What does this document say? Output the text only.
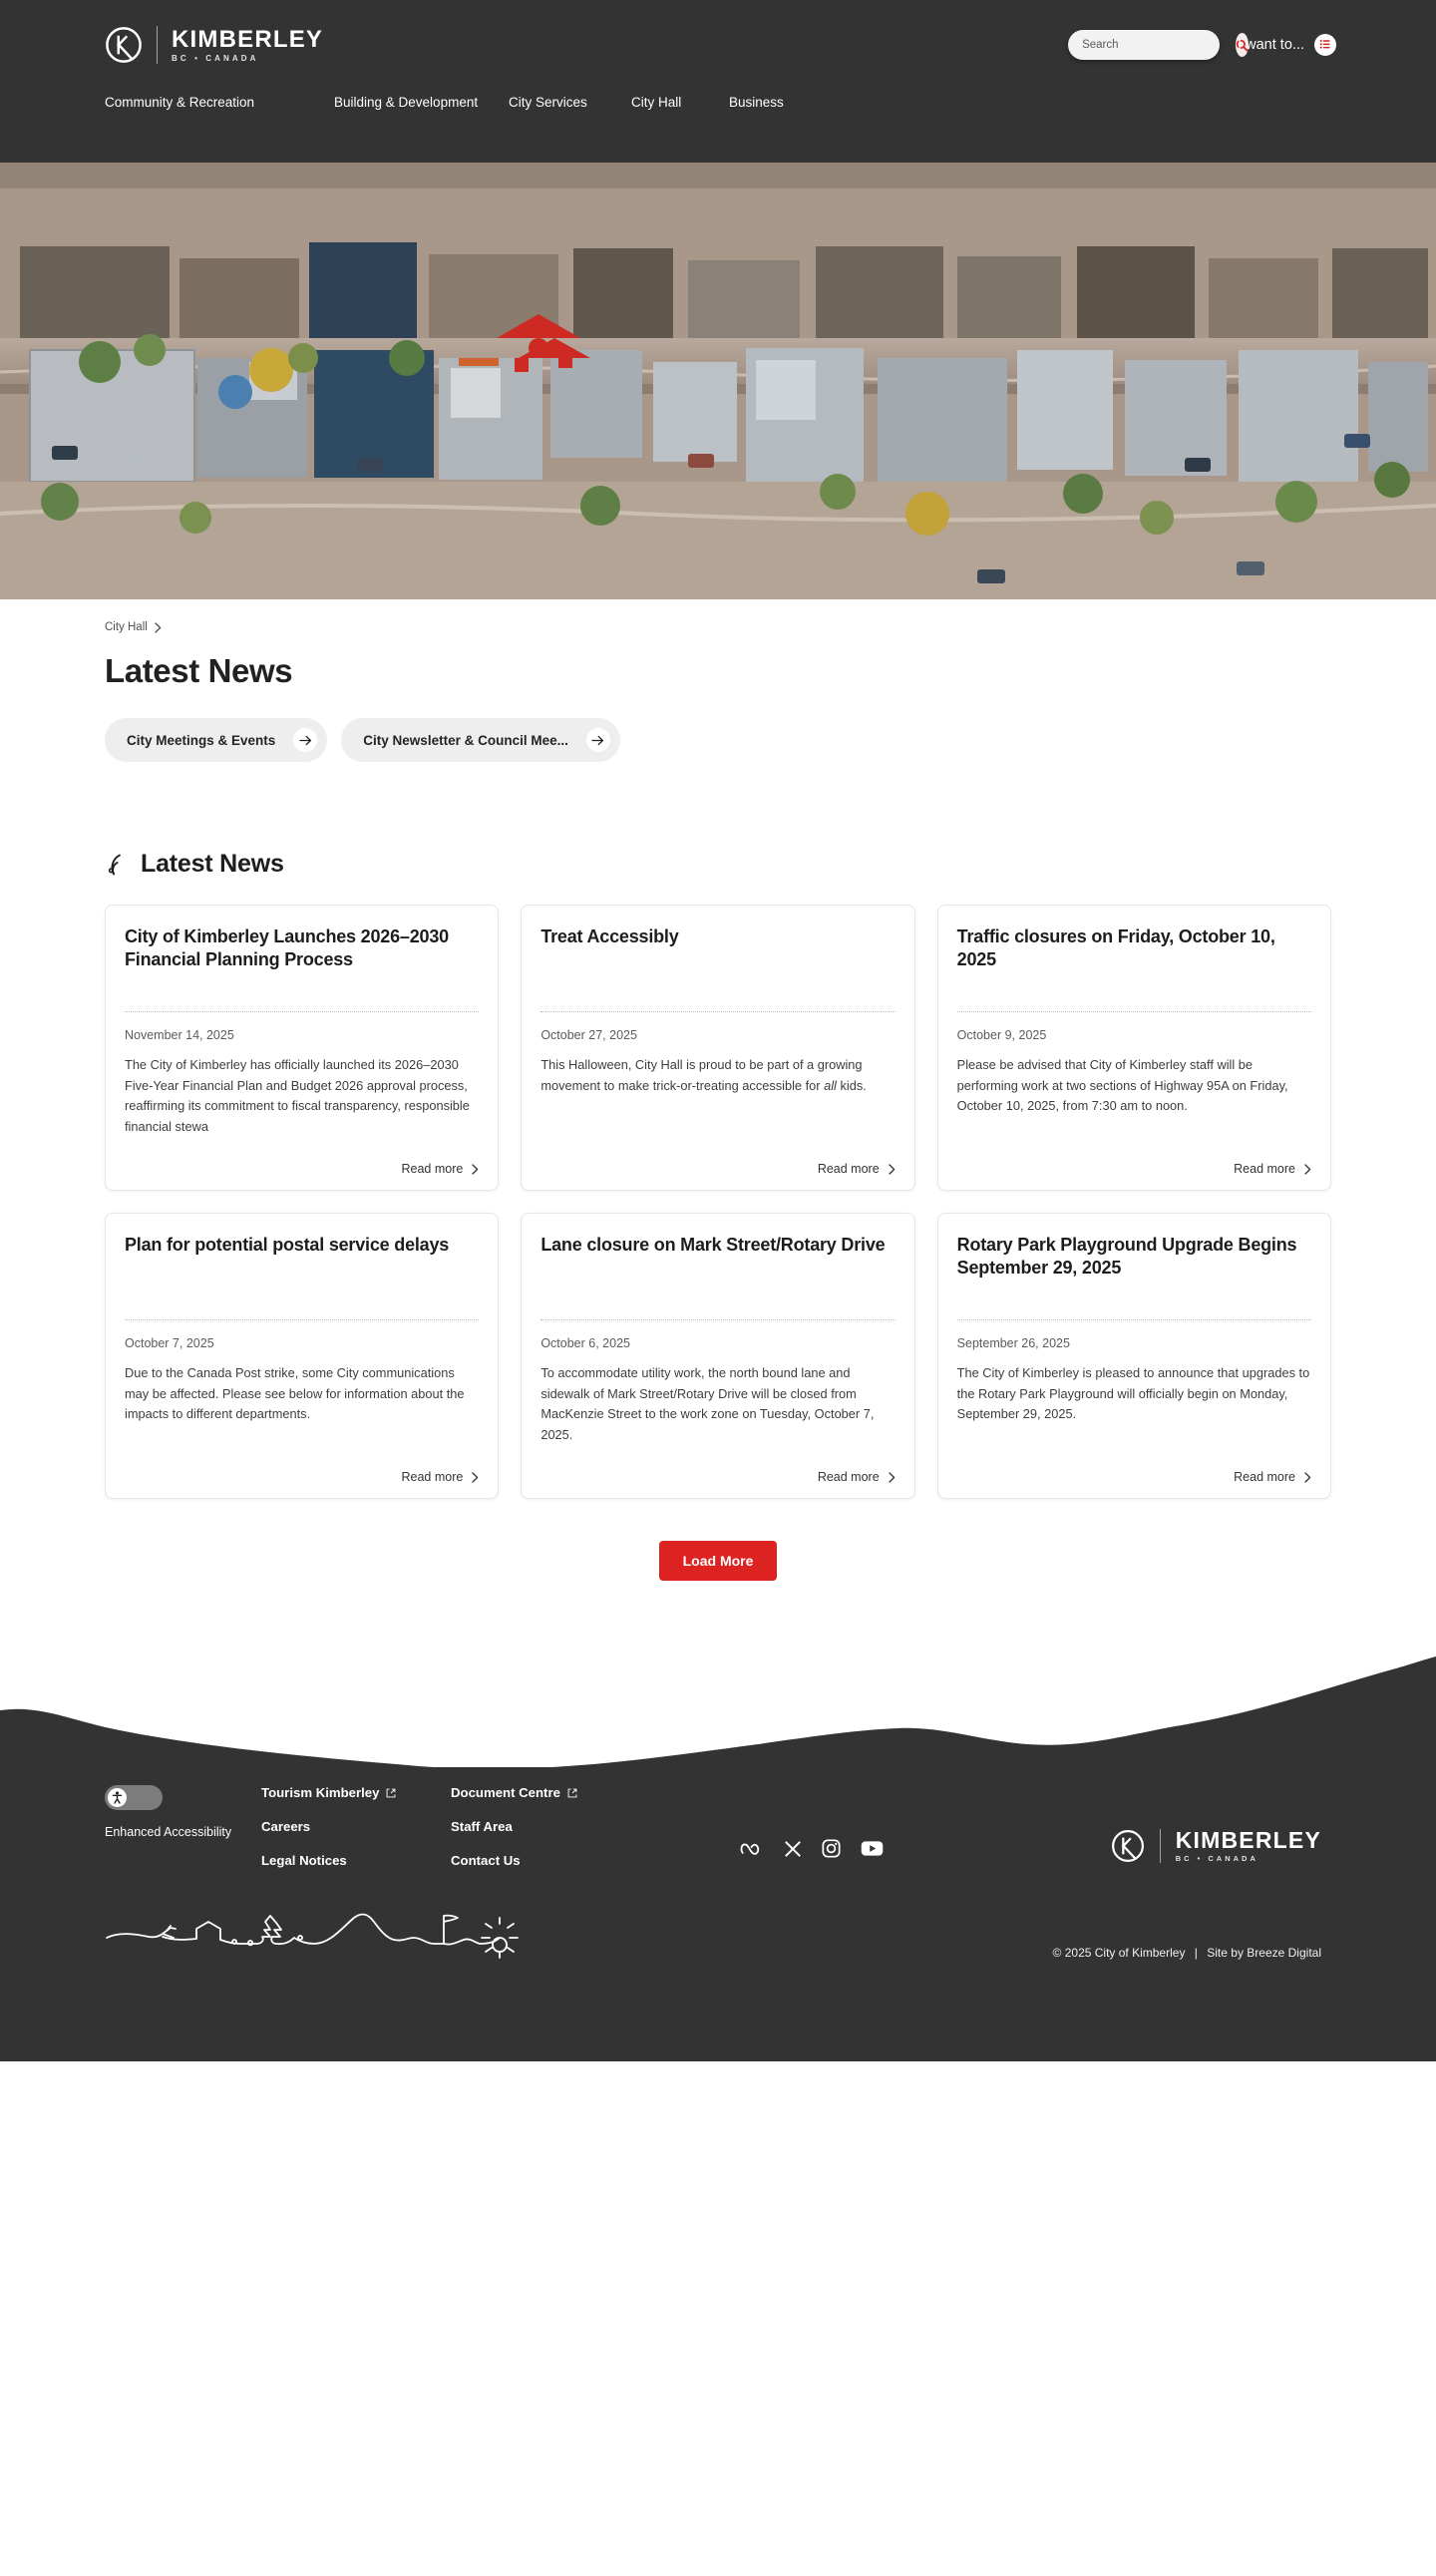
KIMBERLEY
BC • CANADA
Search
I want to...
Community & Recreation	Building & Development	City Services	City Hall	Business
City Hall
Latest News
City Meetings & Events	City Newsletter & Council Mee...
Latest News
City of Kimberley Launches 2026–2030 Financial Planning Process
November 14, 2025

The City of Kimberley has officially launched its 2026–2030 Five-Year Financial Plan and Budget 2026 approval process, reaffirming its commitment to fiscal transparency, responsible financial stewa

Read more
Treat Accessibly
October 27, 2025

This Halloween, City Hall is proud to be part of a growing movement to make trick-or-treating accessible for all kids.

Read more
Traffic closures on Friday, October 10, 2025
October 9, 2025

Please be advised that City of Kimberley staff will be performing work at two sections of Highway 95A on Friday, October 10, 2025, from 7:30 am to noon.

Read more
Plan for potential postal service delays
October 7, 2025

Due to the Canada Post strike, some City communications may be affected. Please see below for information about the impacts to different departments.

Read more
Lane closure on Mark Street/Rotary Drive
October 6, 2025

To accommodate utility work, the north bound lane and sidewalk of Mark Street/Rotary Drive will be closed from MacKenzie Street to the work zone on Tuesday, October 7, 2025.

Read more
Rotary Park Playground Upgrade Begins September 29, 2025
September 26, 2025

The City of Kimberley is pleased to announce that upgrades to the Rotary Park Playground will officially begin on Monday, September 29, 2025.

Read more
Load More
Enhanced Accessibility
Tourism Kimberley
Careers
Legal Notices
Document Centre
Staff Area
Contact Us
KIMBERLEY
BC • CANADA
© 2025 City of Kimberley | Site by Breeze Digital
